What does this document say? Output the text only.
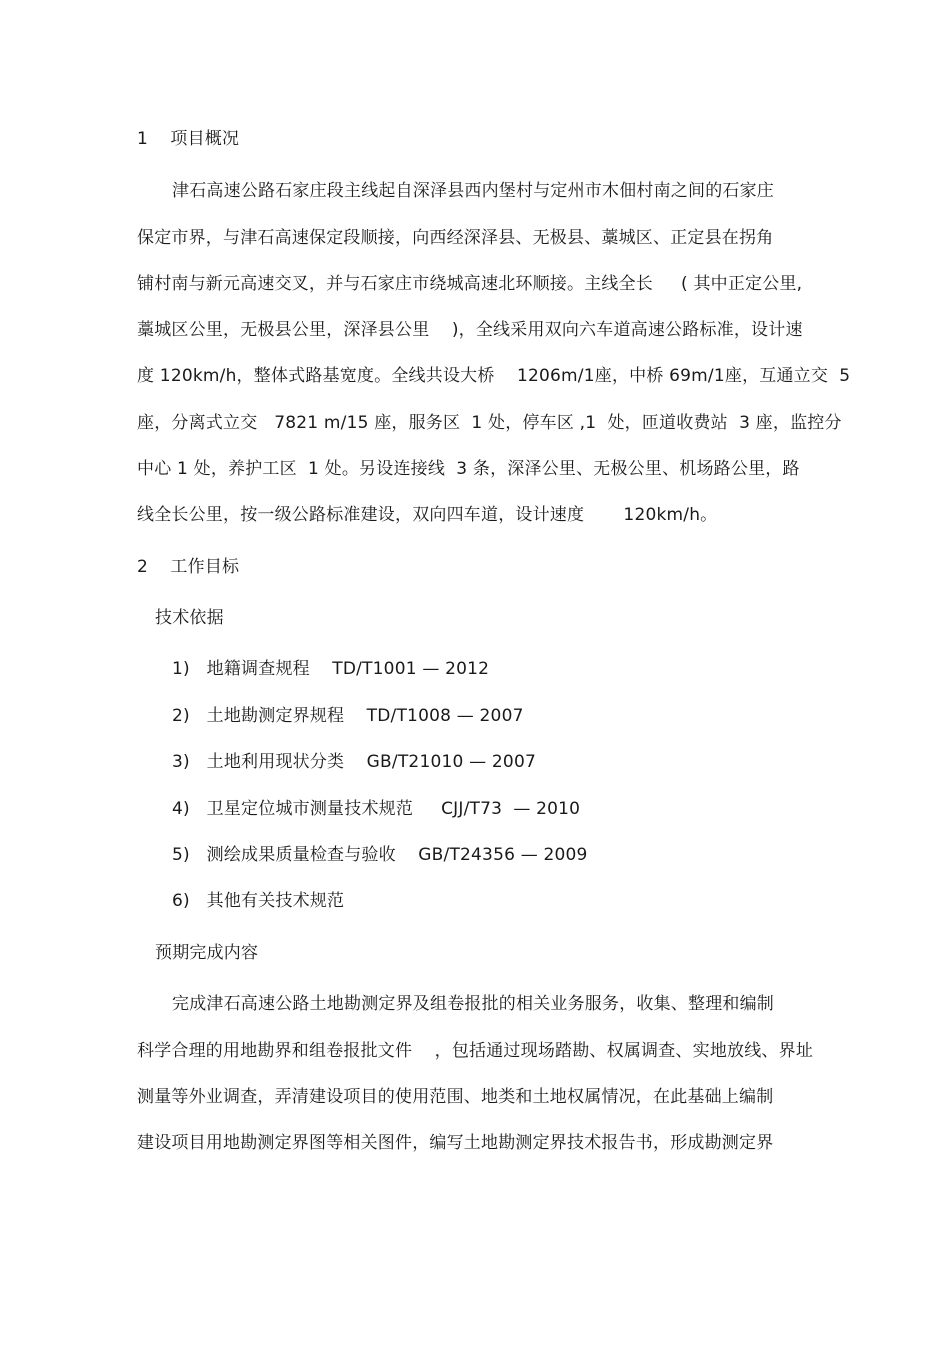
1    项目概况
津石高速公路石家庄段主线起自深泽县西内堡村与定州市木佃村南之间的石家庄
保定市界，与津石高速保定段顺接，向西经深泽县、无极县、藁城区、正定县在拐角
铺村南与新元高速交叉，并与石家庄市绕城高速北环顺接。主线全长     ( 其中正定公里,
藁城区公里，无极县公里，深泽县公里    )，全线采用双向六车道高速公路标准，设计速
度 120km/h，整体式路基宽度。全线共设大桥    1206m/1座，中桥 69m/1座，互通立交  5
座，分离式立交   7821 m/15 座，服务区  1 处，停车区 ,1  处，匝道收费站  3 座，监控分
中心 1 处，养护工区  1 处。另设连接线  3 条，深泽公里、无极公里、机场路公里，路
线全长公里，按一级公路标准建设，双向四车道，设计速度       120km/h。
2    工作目标
技术依据
1)   地籍调查规程    TD/T1001 — 2012
2)   土地勘测定界规程    TD/T1008 — 2007
3)   土地利用现状分类    GB/T21010 — 2007
4)   卫星定位城市测量技术规范     CJJ/T73  — 2010
5)   测绘成果质量检查与验收    GB/T24356 — 2009
6)   其他有关技术规范
预期完成内容
完成津石高速公路土地勘测定界及组卷报批的相关业务服务，收集、整理和编制
科学合理的用地勘界和组卷报批文件    ，包括通过现场踏勘、权属调查、实地放线、界址
测量等外业调查，弄清建设项目的使用范围、地类和土地权属情况，在此基础上编制
建设项目用地勘测定界图等相关图件，编写土地勘测定界技术报告书，形成勘测定界
